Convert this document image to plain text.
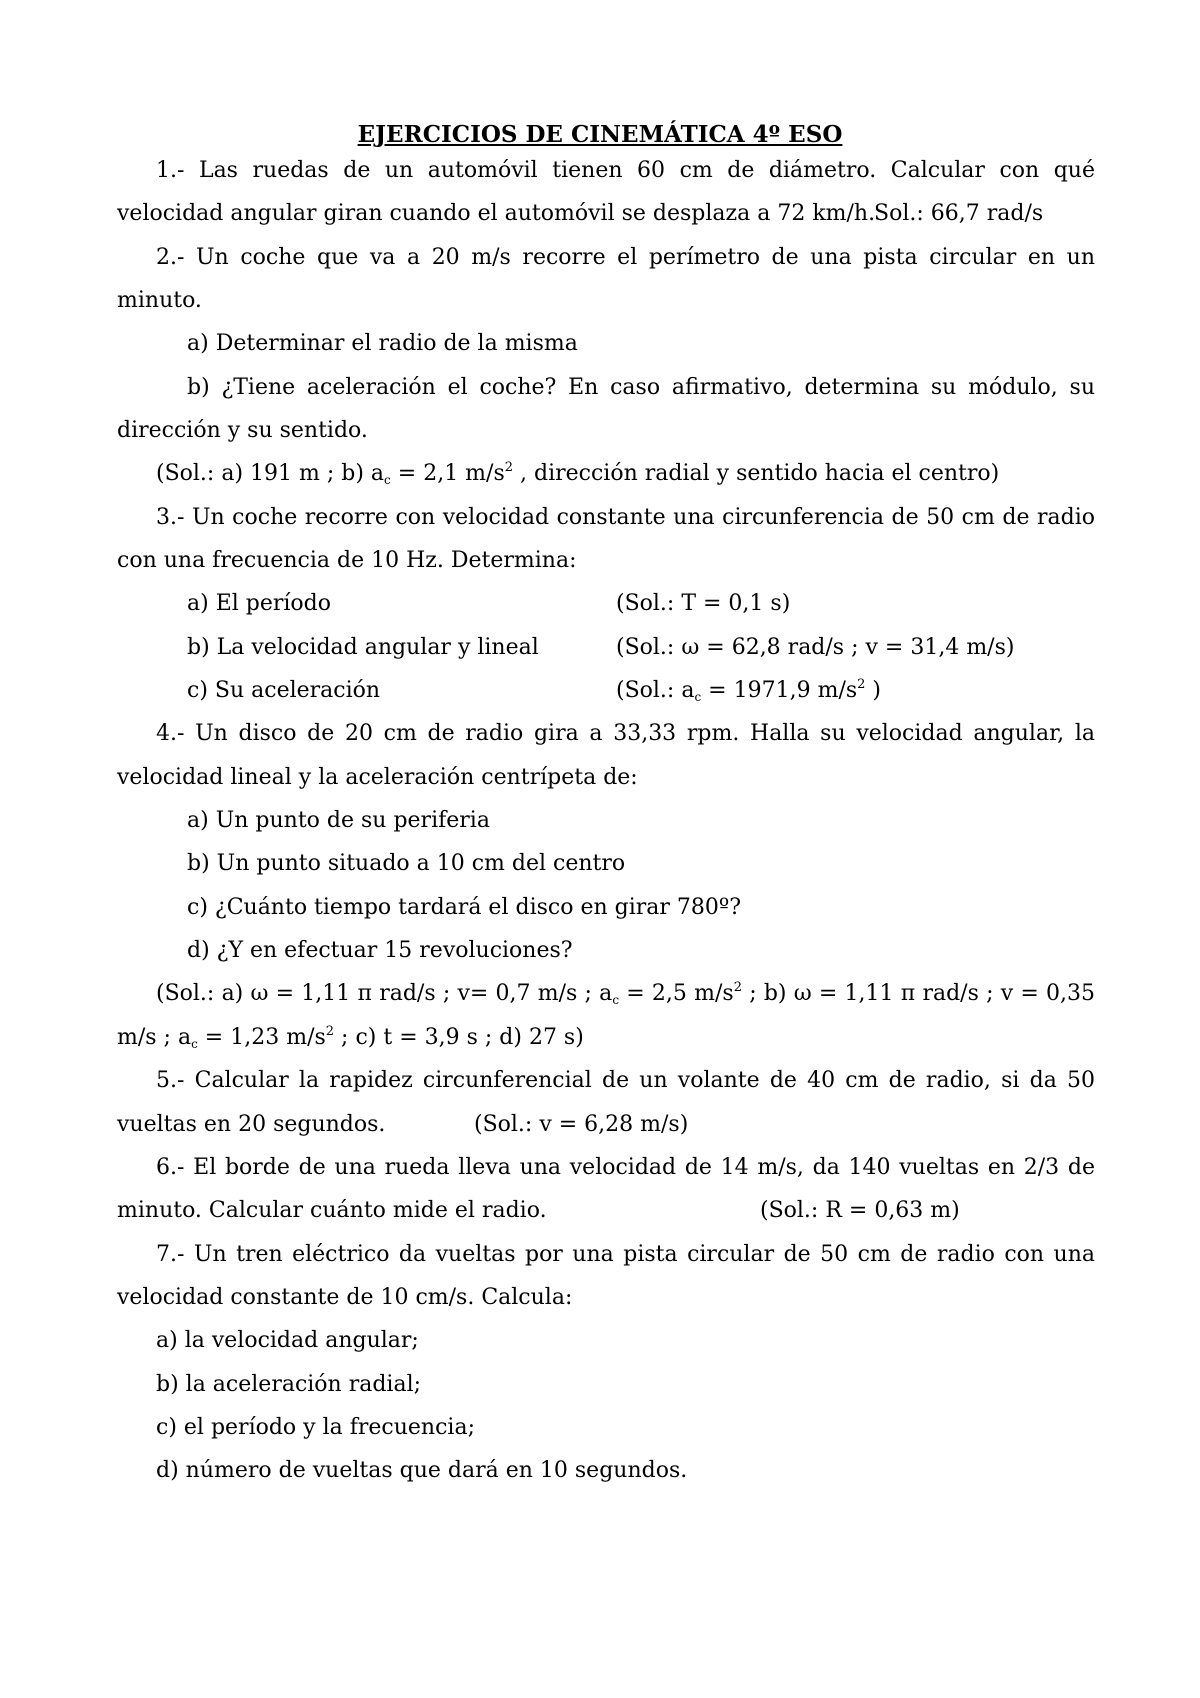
EJERCICIOS DE CINEMÁTICA 4º ESO
1.- Las ruedas de un automóvil tienen 60 cm de diámetro. Calcular con qué
velocidad angular giran cuando el automóvil se desplaza a 72 km/h.
Sol.: 66,7 rad/s
2.- Un coche que va a 20 m/s recorre el perímetro de una pista circular en un
minuto.
a) Determinar el radio de la misma
b) ¿Tiene aceleración el coche? En caso afirmativo, determina su módulo, su
dirección y su sentido.
(Sol.: a) 191 m ; b) $a_c = 2,1$ $m/s^2$ , dirección radial y sentido hacia el centro)
3.- Un coche recorre con velocidad constante una circunferencia de 50 cm de radio
con una frecuencia de 10 Hz. Determina:
a) El período	(Sol.: T = 0,1 s)
b) La velocidad angular y lineal	(Sol.: ω = 62,8 rad/s ; v = 31,4 m/s)
c) Su aceleración	(Sol.: $a_c = 1971,9$ $m/s^2$ )
4.- Un disco de 20 cm de radio gira a 33,33 rpm. Halla su velocidad angular, la
velocidad lineal y la aceleración centrípeta de:
a) Un punto de su periferia
b) Un punto situado a 10 cm del centro
c) ¿Cuánto tiempo tardará el disco en girar 780º?
d) ¿Y en efectuar 15 revoluciones?
(Sol.: a) ω = 1,11 π rad/s ; v= 0,7 m/s ; $a_c = 2,5$ $m/s^2$ ; b) ω = 1,11 π rad/s ; v = 0,35
m/s ; $a_c = 1,23$ $m/s^2$ ; c) t = 3,9 s ; d) 27 s)
5.- Calcular la rapidez circunferencial de un volante de 40 cm de radio, si da 50
vueltas en 20 segundos.	(Sol.: v = 6,28 m/s)
6.- El borde de una rueda lleva una velocidad de 14 m/s, da 140 vueltas en 2/3 de
minuto. Calcular cuánto mide el radio.	(Sol.: R = 0,63 m)
7.- Un tren eléctrico da vueltas por una pista circular de 50 cm de radio con una
velocidad constante de 10 cm/s. Calcula:
a) la velocidad angular;
b) la aceleración radial;
c) el período y la frecuencia;
d) número de vueltas que dará en 10 segundos.
